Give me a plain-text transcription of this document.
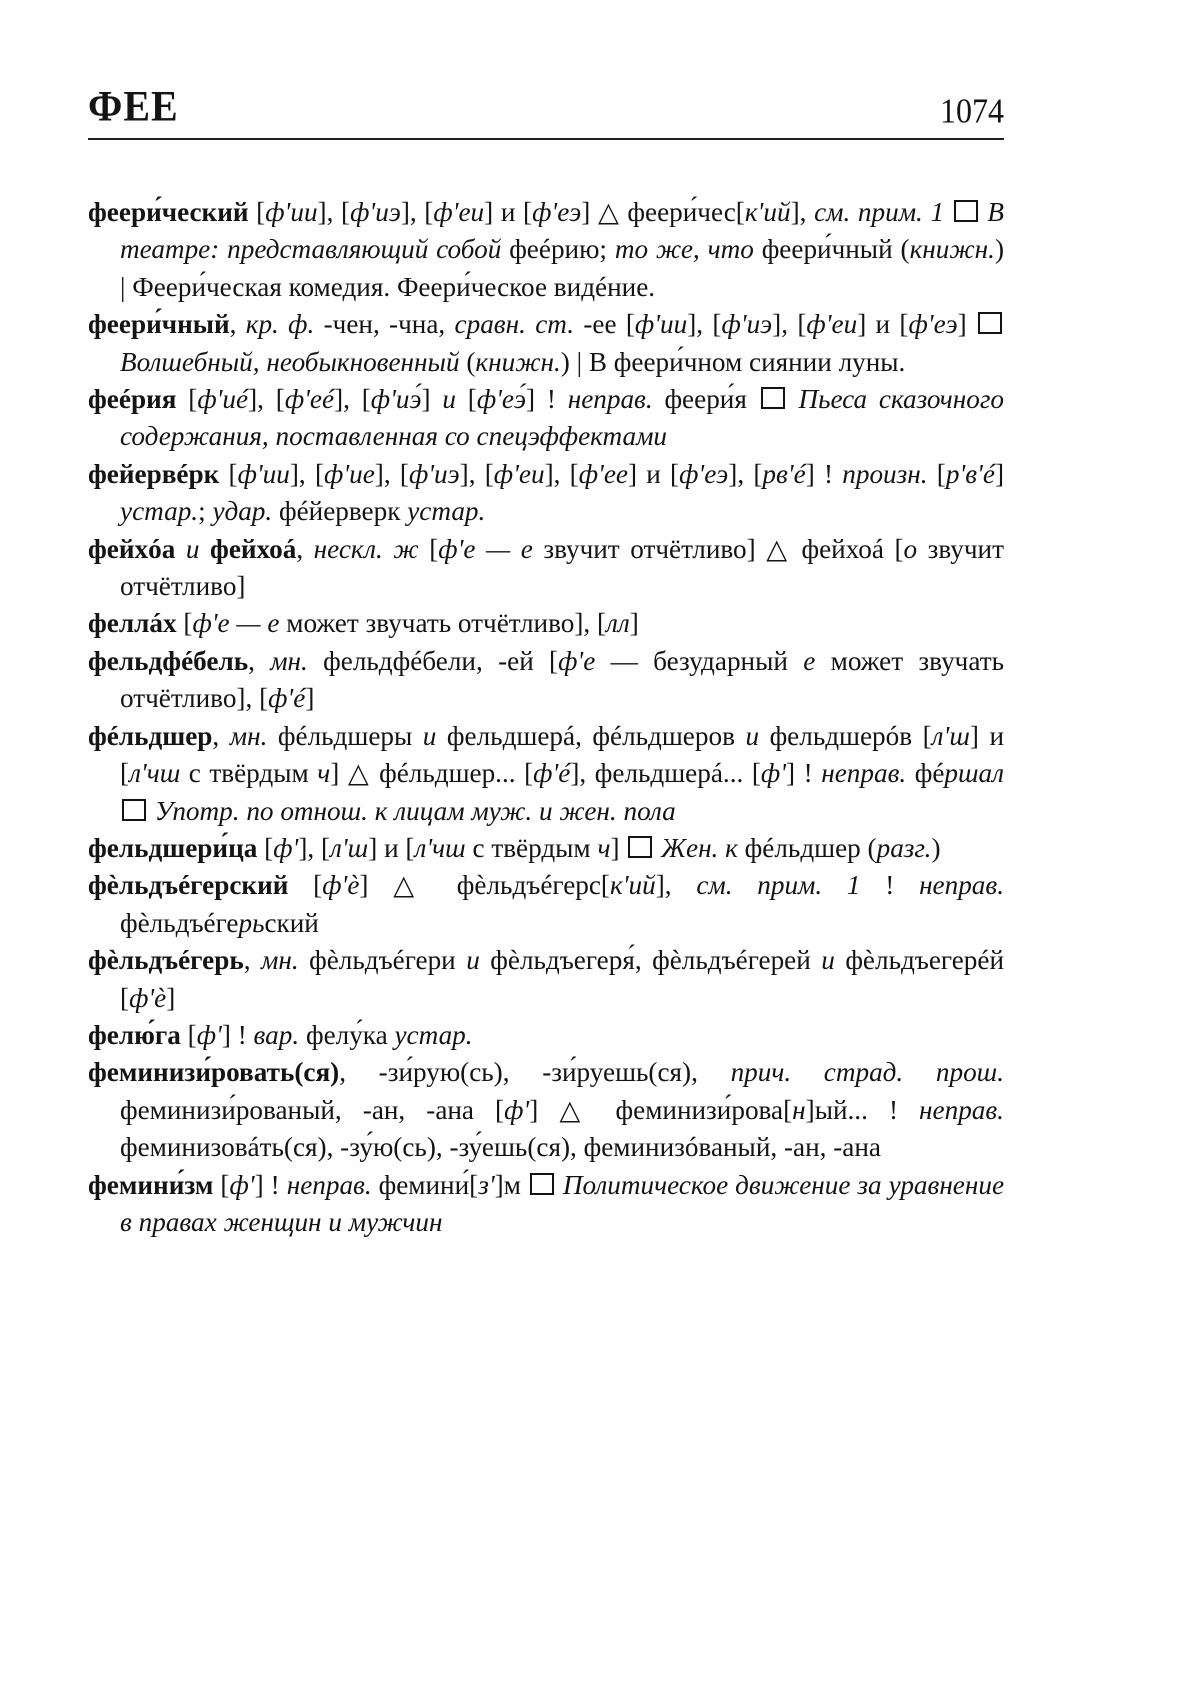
ФЕЕ	1074

феери́ческий [ф'ии], [ф'иэ], [ф'еи] и [ф'еэ] △ феери́чес[к'ий], см. прим. 1  В театре: представляющий собой феéрию; то же, что феери́чный (книжн.) | Феери́ческая комедия. Феери́ческое видéние.

феери́чный, кр. ф. -чен, -чна, сравн. ст. -ее [ф'ии], [ф'иэ], [ф'еи] и [ф'еэ]  Волшебный, необыкновенный (книжн.) | В феери́чном сиянии луны.

феéрия [ф'иé], [ф'еé], [ф'иэ́] и [ф'еэ́] ! неправ. феери́я  Пьеса сказочного содержания, поставленная со спецэффектами

фейервéрк [ф'ии], [ф'ие], [ф'иэ], [ф'еи], [ф'ее] и [ф'еэ], [рв'é] ! произн. [р'в'é] устар.; удар. фéйерверк устар.

фейхóа и фейхоá, нескл. ж [ф'е — е звучит отчётливо] △ фейхоá [о звучит отчётливо]

феллáх [ф'е — е может звучать отчётливо], [лл]

фельдфéбель, мн. фельдфéбели, -ей [ф'е — безударный е может звучать отчётливо], [ф'é]

фéльдшер, мн. фéльдшеры и фельдшерá, фéльдшеров и фельдшерóв [л'ш] и [л'чш с твёрдым ч] △ фéльдшер... [ф'é], фельдшерá... [ф'] ! неправ. фéршал  Употр. по отнош. к лицам муж. и жен. пола

фельдшери́ца [ф'], [л'ш] и [л'чш с твёрдым ч]  Жен. к фéльдшер (разг.)

фѐльдъéгерский [ф'ѐ] △ фѐльдъéгерс[к'ий], см. прим. 1 ! неправ. фѐльдъéгерьский

фѐльдъéгерь, мн. фѐльдъéгери и фѐльдъегеря́, фѐльдъéгерей и фѐльдъегерéй [ф'ѐ]

фелю́га [ф'] ! вар. фелу́ка устар.

феминизи́ровать(ся), -зи́рую(сь), -зи́руешь(ся), прич. страд. прош. феминизи́рованый, -ан, -ана [ф'] △ феминизи́рова[н]ый... ! неправ. феминизовáть(ся), -зу́ю(сь), -зу́ешь(ся), феминизóваный, -ан, -ана

фемини́зм [ф'] ! неправ. фемини́[з']м  Политическое движение за уравнение в правах женщин и мужчин
